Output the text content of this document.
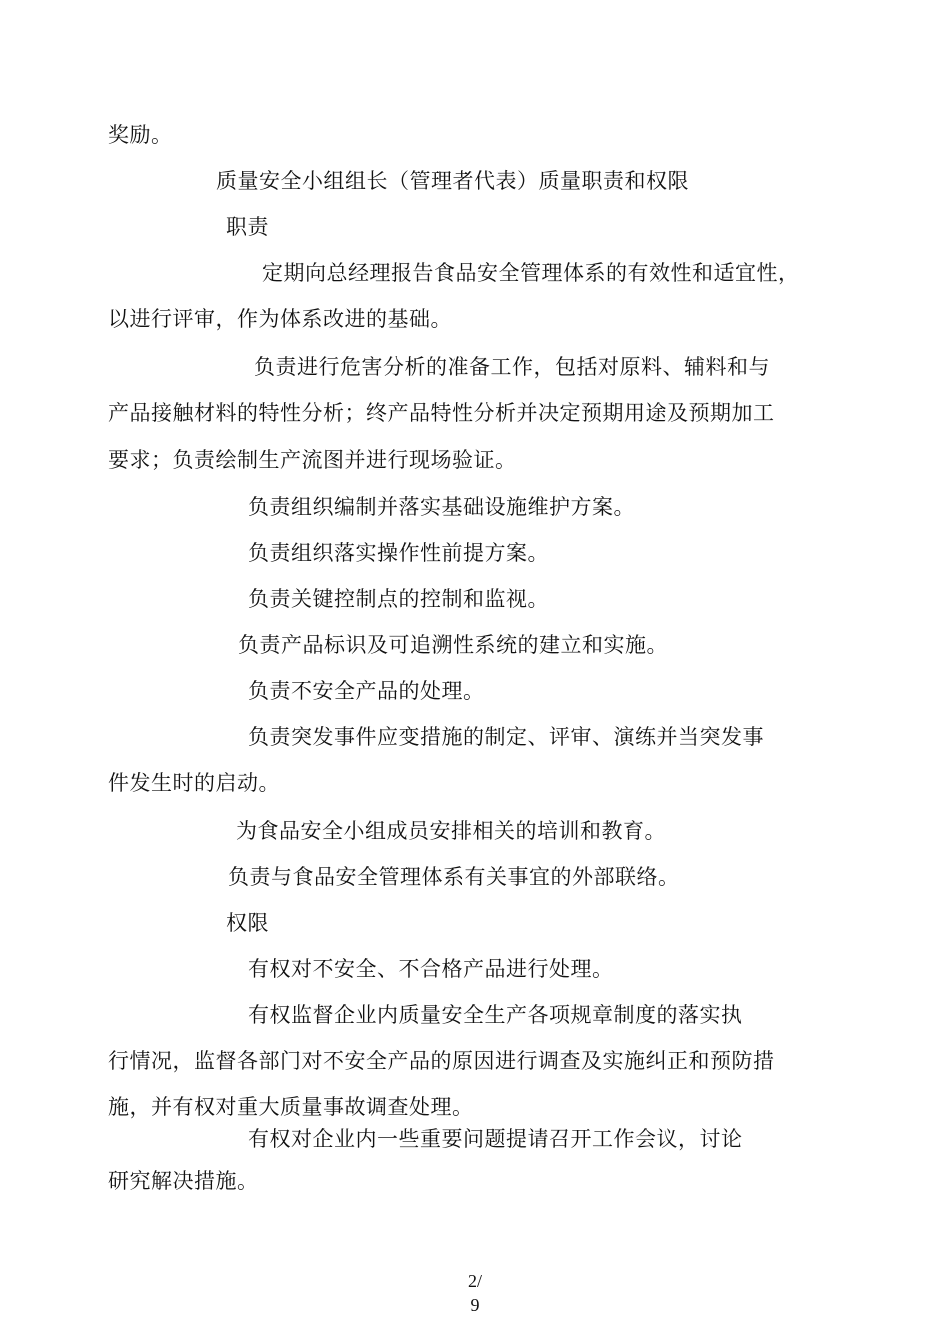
奖励。
质量安全小组组长（管理者代表）质量职责和权限
职责
定期向总经理报告食品安全管理体系的有效性和适宜性，
以进行评审，作为体系改进的基础。
负责进行危害分析的准备工作，包括对原料、辅料和与
产品接触材料的特性分析；终产品特性分析并决定预期用途及预期加工
要求；负责绘制生产流图并进行现场验证。
负责组织编制并落实基础设施维护方案。
负责组织落实操作性前提方案。
负责关键控制点的控制和监视。
负责产品标识及可追溯性系统的建立和实施。
负责不安全产品的处理。
负责突发事件应变措施的制定、评审、演练并当突发事
件发生时的启动。
为食品安全小组成员安排相关的培训和教育。
负责与食品安全管理体系有关事宜的外部联络。
权限
有权对不安全、不合格产品进行处理。
有权监督企业内质量安全生产各项规章制度的落实执
行情况，监督各部门对不安全产品的原因进行调查及实施纠正和预防措
施，并有权对重大质量事故调查处理。
有权对企业内一些重要问题提请召开工作会议，讨论
研究解决措施。
2/
9
